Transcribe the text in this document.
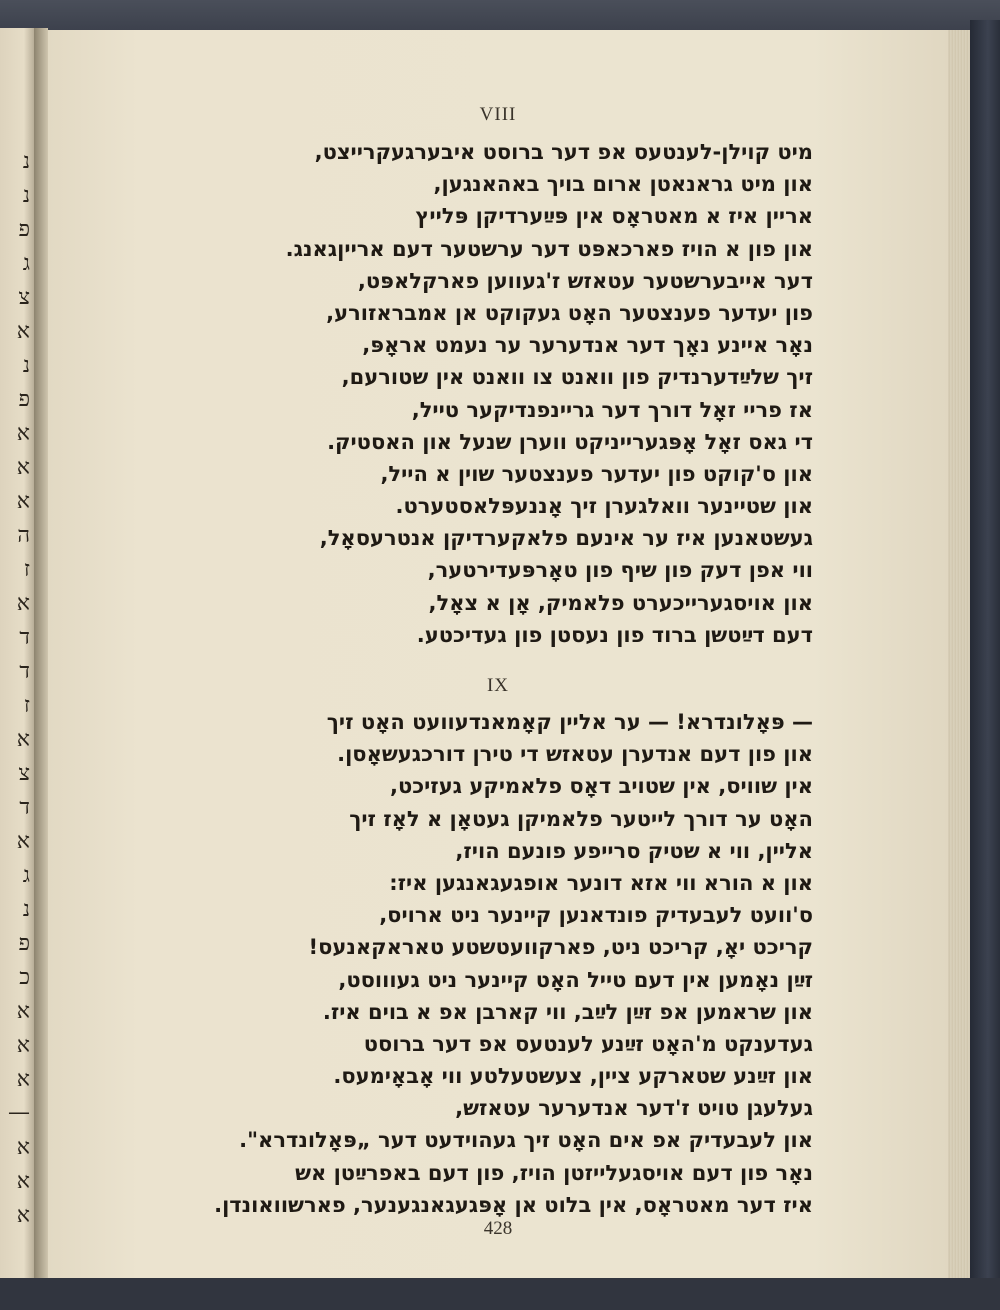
נ
נ
פ
ג
צ
א
נ
פ
א
א
א
ה
ז
א
ד
ד
ז
א
צ
ד
א
ג
נ
פ
כ
א
א
א
—
א
א
א
VIII
מיט קוילן-לענטעס אפ דער ברוסט איבערגעקרייצט,
און מיט גראנאטן ארום בויך באהאנגען,
אריין איז א מאטראָס אין פּײַערדיקן פּלייץ
און פון א הויז פארכאפּט דער ערשטער דעם ארייןגאנג.
דער אייבערשטער עטאזש ז'געווען פארקלאפּט,
פון יעדער פענצטער האָט געקוקט אן אמבראזורע,
נאָר איינע נאָך דער אנדערער ער נעמט אראָפּ,
זיך שלײַדערנדיק פון וואנט צו וואנט אין שטורעם,
אז פריי זאָל דורך דער גריינפנדיקער טייל,
די גאס זאָל אָפּגערייניקט ווערן שנעל און האסטיק.
און ס'קוקט פון יעדער פענצטער שוין א הייל,
און שטיינער וואלגערן זיך אָננעפּלאסטערט.
געשטאנען איז ער אינעם פלאקערדיקן אנטרעסאָל,
ווי אפן דעק פון שיף פון טאָרפּעדירטער,
און אויסגערייכערט פלאמיק, אָן א צאָל,
דעם דײַטשן ברוד פון נעסטן פון געדיכטע.
IX
— פּאָלונדרא! — ער אליין קאָמאנדעוועט האָט זיך
און פון דעם אנדערן עטאזש די טירן דורכגעשאָסן.
אין שוויס, אין שטויב דאָס פלאמיקע געזיכט,
האָט ער דורך לייטער פלאמיקן געטאָן א לאָז זיך
אליין, ווי א שטיק סרייפע פונעם הויז,
און א הורא ווי אזא דונער אופגעגאנגען איז:
ס'וועט לעבעדיק פונדאנען קיינער ניט ארויס,
קריכט יאָ, קריכט ניט, פארקוועטשטע טאראקאנעס!
זײַן נאָמען אין דעם טייל האָט קיינער ניט געוווסט,
און שראמען אפ זײַן לײַב, ווי קארבן אפ א בוים איז.
געדענקט מ'האָט זײַנע לענטעס אפ דער ברוסט
און זײַנע שטארקע ציין, צעשטעלטע ווי אָבאָימעס.
געלעגן טויט ז'דער אנדערער עטאזש,
און לעבעדיק אפ אים האָט זיך געהוידעט דער „פּאָלונדרא".
נאָר פון דעם אויסגעלייזטן הויז, פון דעם באפרײַטן אש
איז דער מאטראָס, אין בלוט אן אָפּגעגאנגענער, פארשוואונדן.
428
